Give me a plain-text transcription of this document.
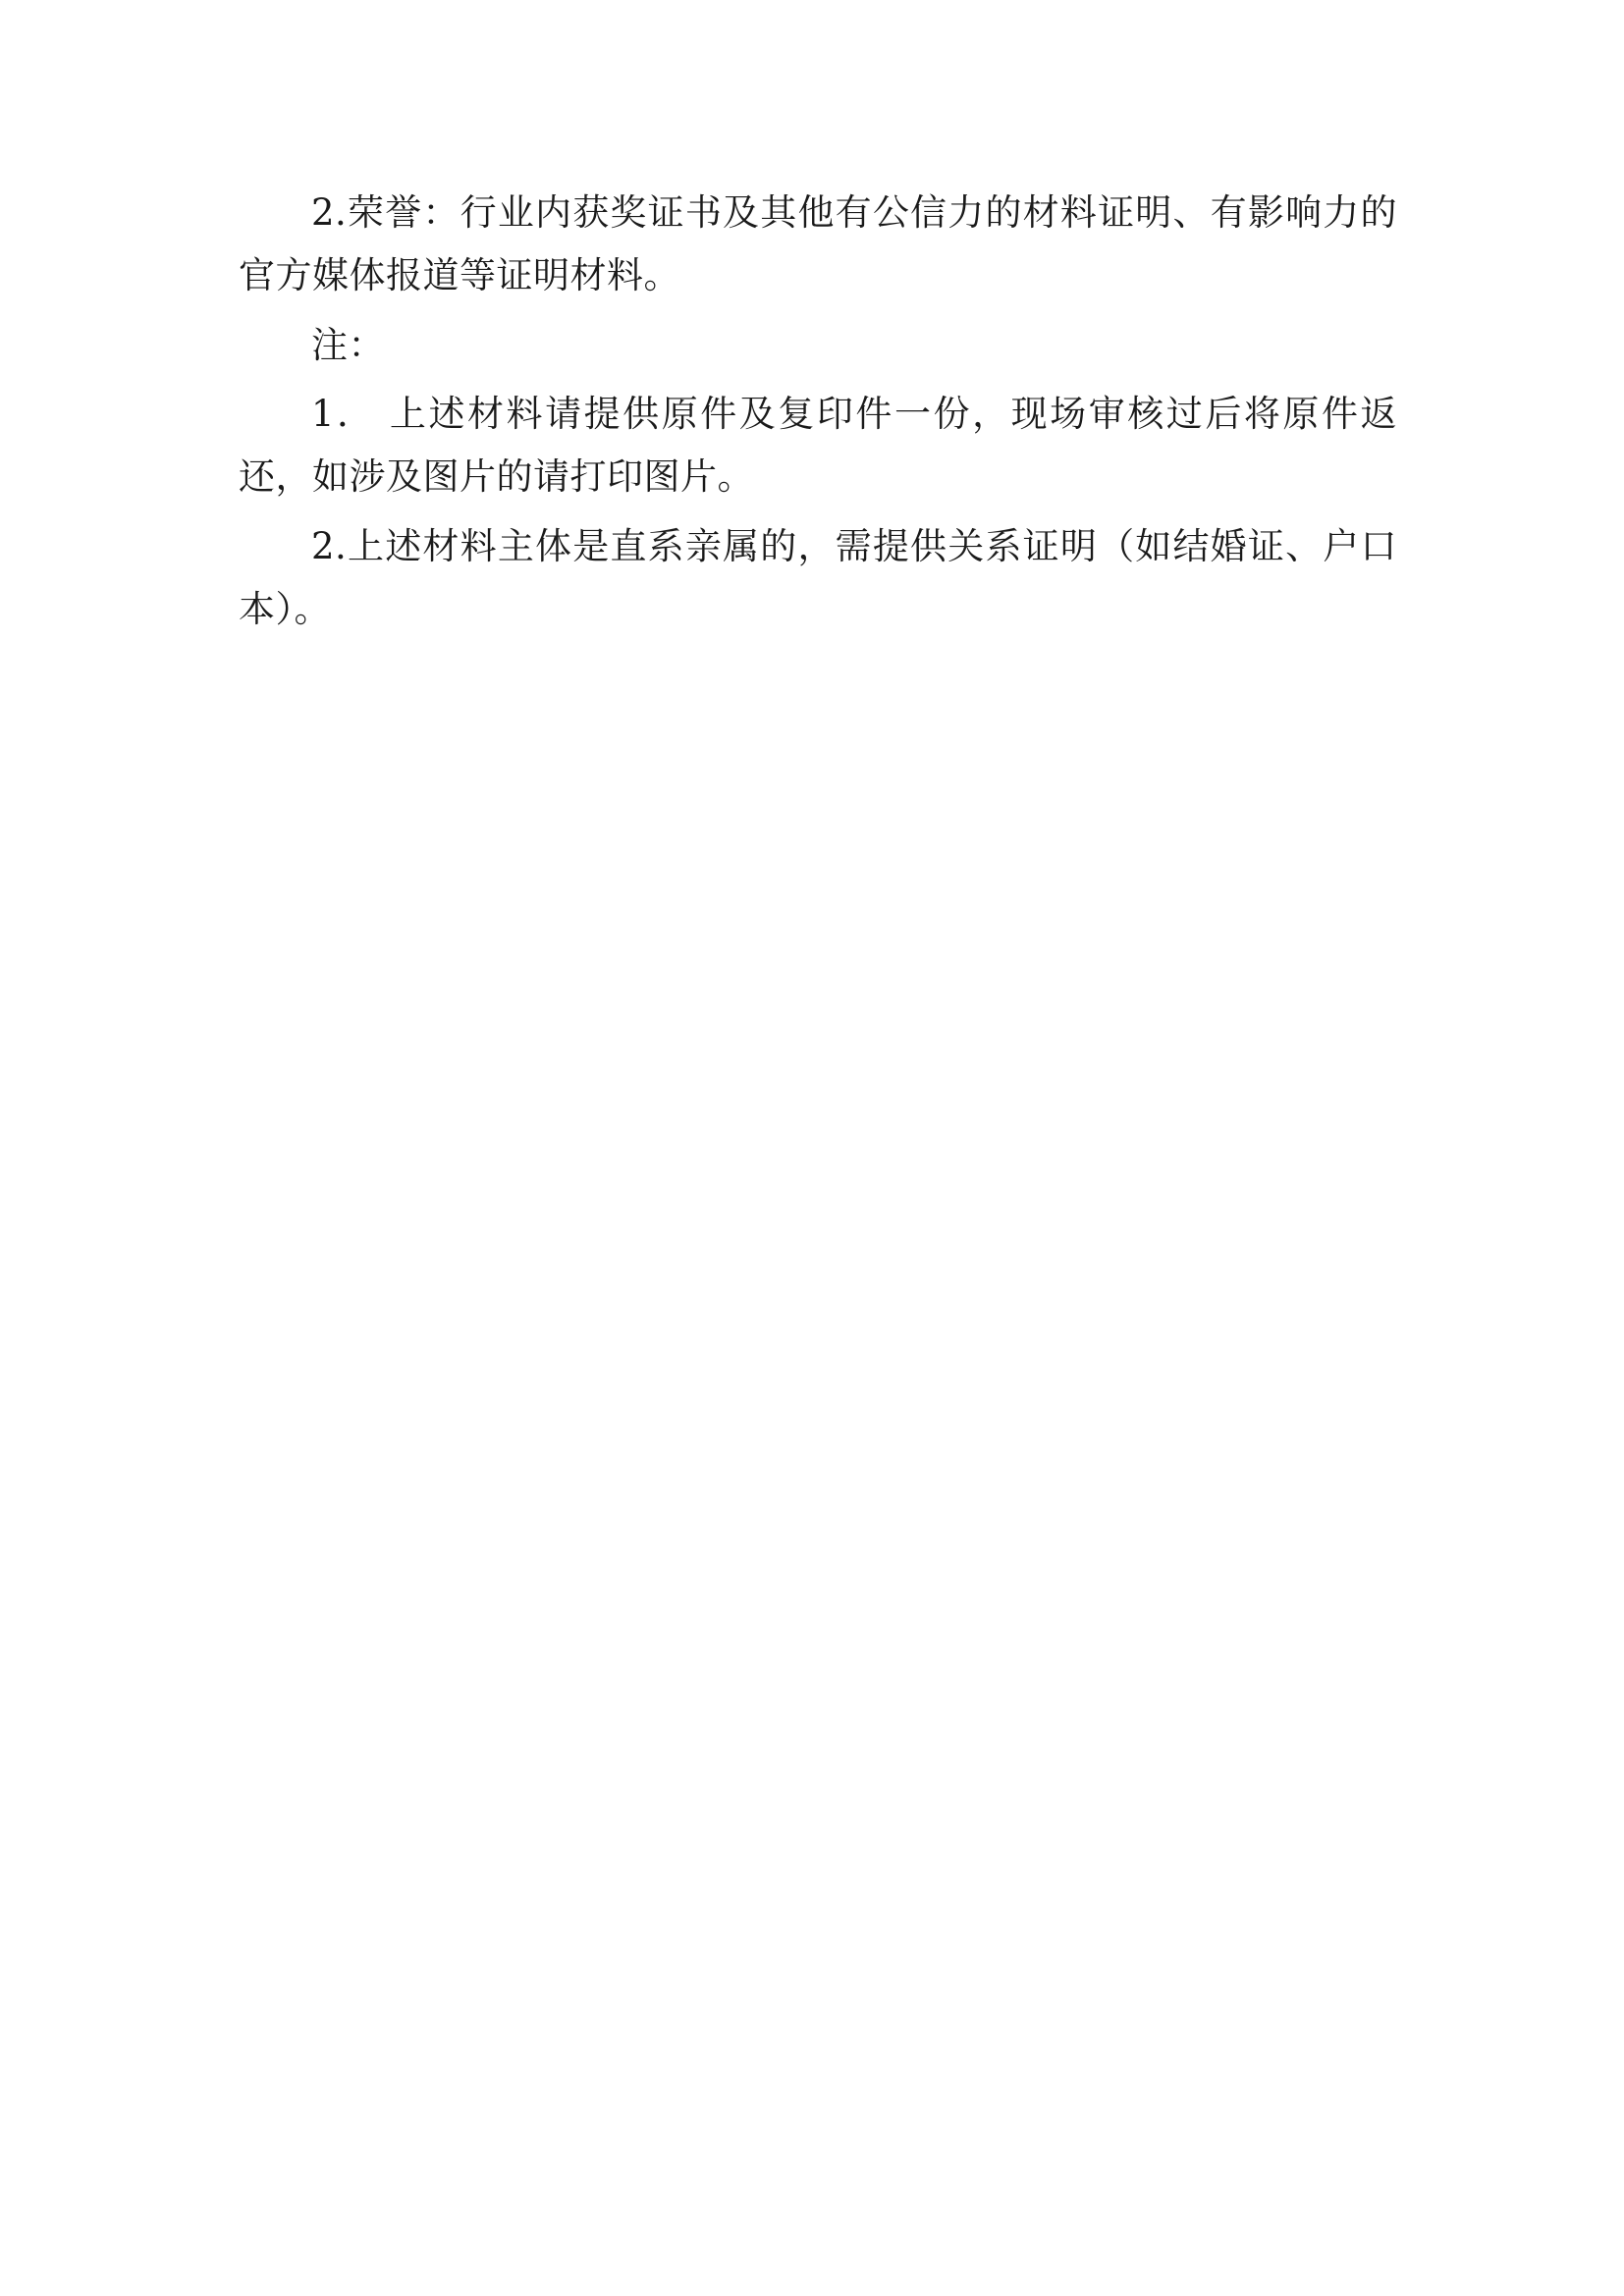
2.荣誉：行业内获奖证书及其他有公信力的材料证明、有影响力的官方媒体报道等证明材料。

注：

1． 上述材料请提供原件及复印件一份，现场审核过后将原件返还，如涉及图片的请打印图片。

2.上述材料主体是直系亲属的，需提供关系证明（如结婚证、户口本）。
